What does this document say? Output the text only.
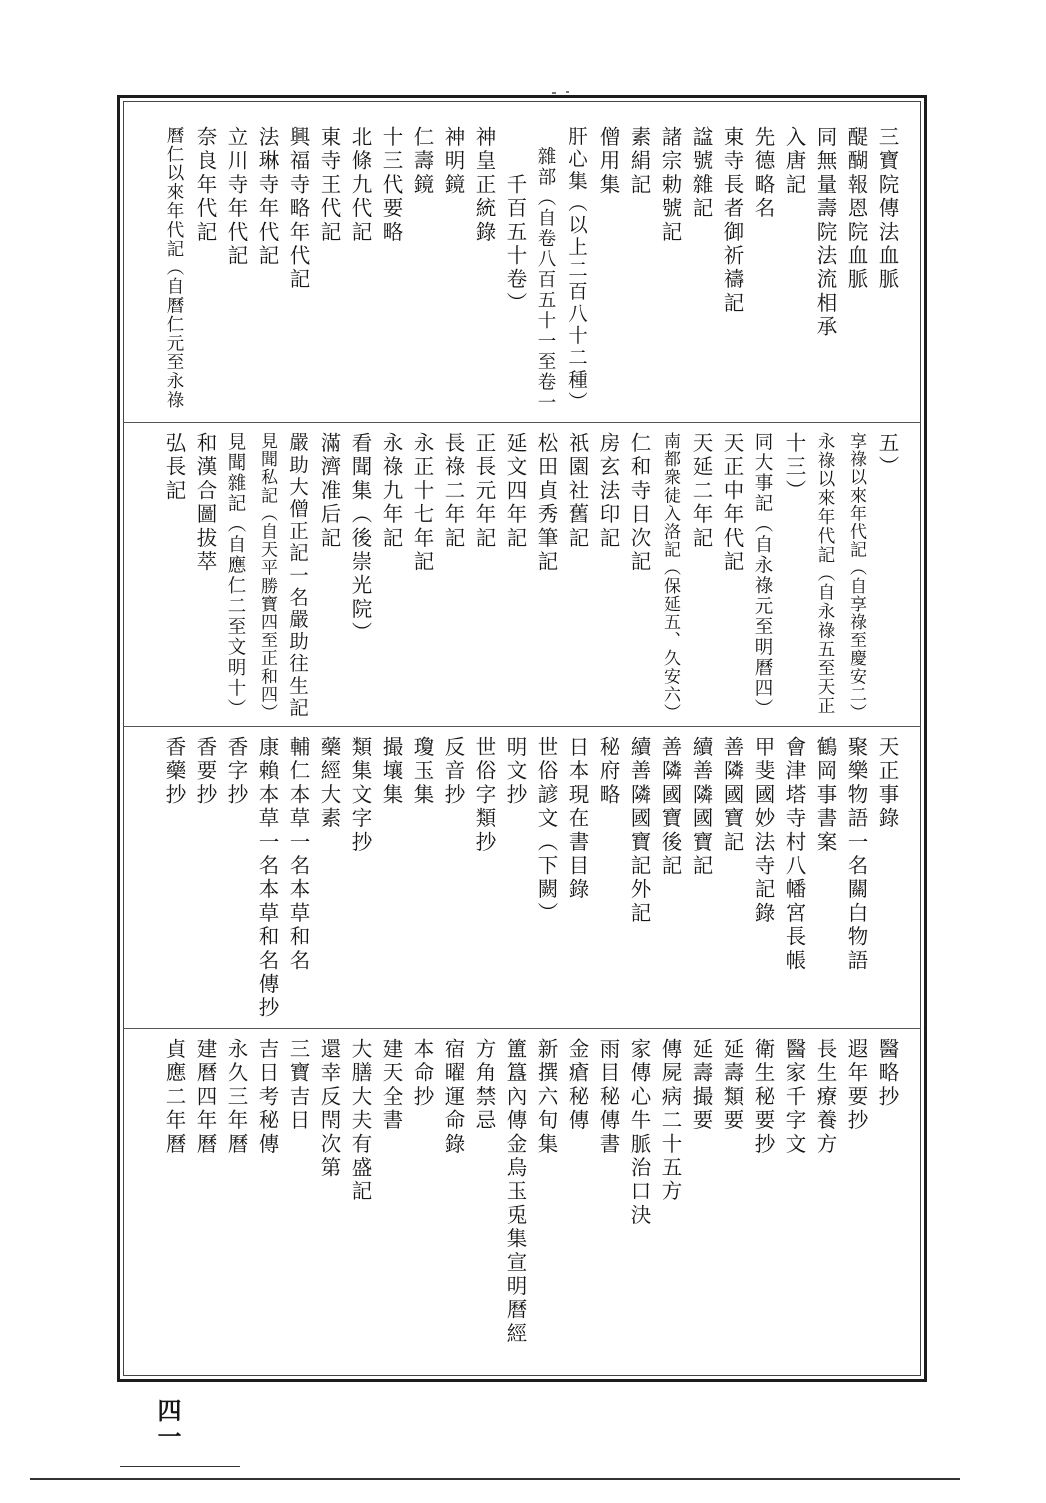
三寶院傳法血脈
醍醐報恩院血脈
同無量壽院法流相承
入唐記
先德略名
東寺長者御祈禱記
諡號雜記
諸宗勅號記
素絹記
僧用集
肝心集（以上二百八十二種）
　雜部（自卷八百五十一至卷一
　　千百五十卷）
神皇正統錄
神明鏡
仁壽鏡
十三代要略
北條九代記
東寺王代記
興福寺略年代記
法琳寺年代記
立川寺年代記
奈良年代記
曆仁以來年代記（自曆仁元至永祿
五）
享祿以來年代記（自享祿至慶安二）
永祿以來年代記（自永祿五至天正
十三）
同大事記（自永祿元至明曆四）
天正中年代記
天延二年記
南都衆徒入洛記（保延五、久安六）
仁和寺日次記
房玄法印記
祇園社舊記
松田貞秀筆記
延文四年記
正長元年記
長祿二年記
永正十七年記
永祿九年記
看聞集（後崇光院）
滿濟准后記
嚴助大僧正記一名嚴助往生記
見聞私記（自天平勝寶四至正和四）
見聞雜記（自應仁二至文明十）
和漢合圖拔萃
弘長記
天正事錄
聚樂物語一名關白物語
鶴岡事書案
會津塔寺村八幡宮長帳
甲斐國妙法寺記錄
善隣國寶記
續善隣國寶記
善隣國寶後記
續善隣國寶記外記
秘府略
日本現在書目錄
世俗諺文（下闕）
明文抄
世俗字類抄
反音抄
瓊玉集
撮壤集
類集文字抄
藥經大素
輔仁本草一名本草和名
康賴本草一名本草和名傳抄
香字抄
香要抄
香藥抄
醫略抄
遐年要抄
長生療養方
醫家千字文
衛生秘要抄
延壽類要
延壽撮要
傳屍病二十五方
家傳心牛脈治口決
雨目秘傳書
金瘡秘傳
新撰六旬集
簠簋內傳金烏玉兎集宣明曆經
方角禁忌
宿曜運命錄
本命抄
建天全書
大膳大夫有盛記
還幸反閇次第
三寶吉日
吉日考秘傳
永久三年曆
建曆四年曆
貞應二年曆
四一
